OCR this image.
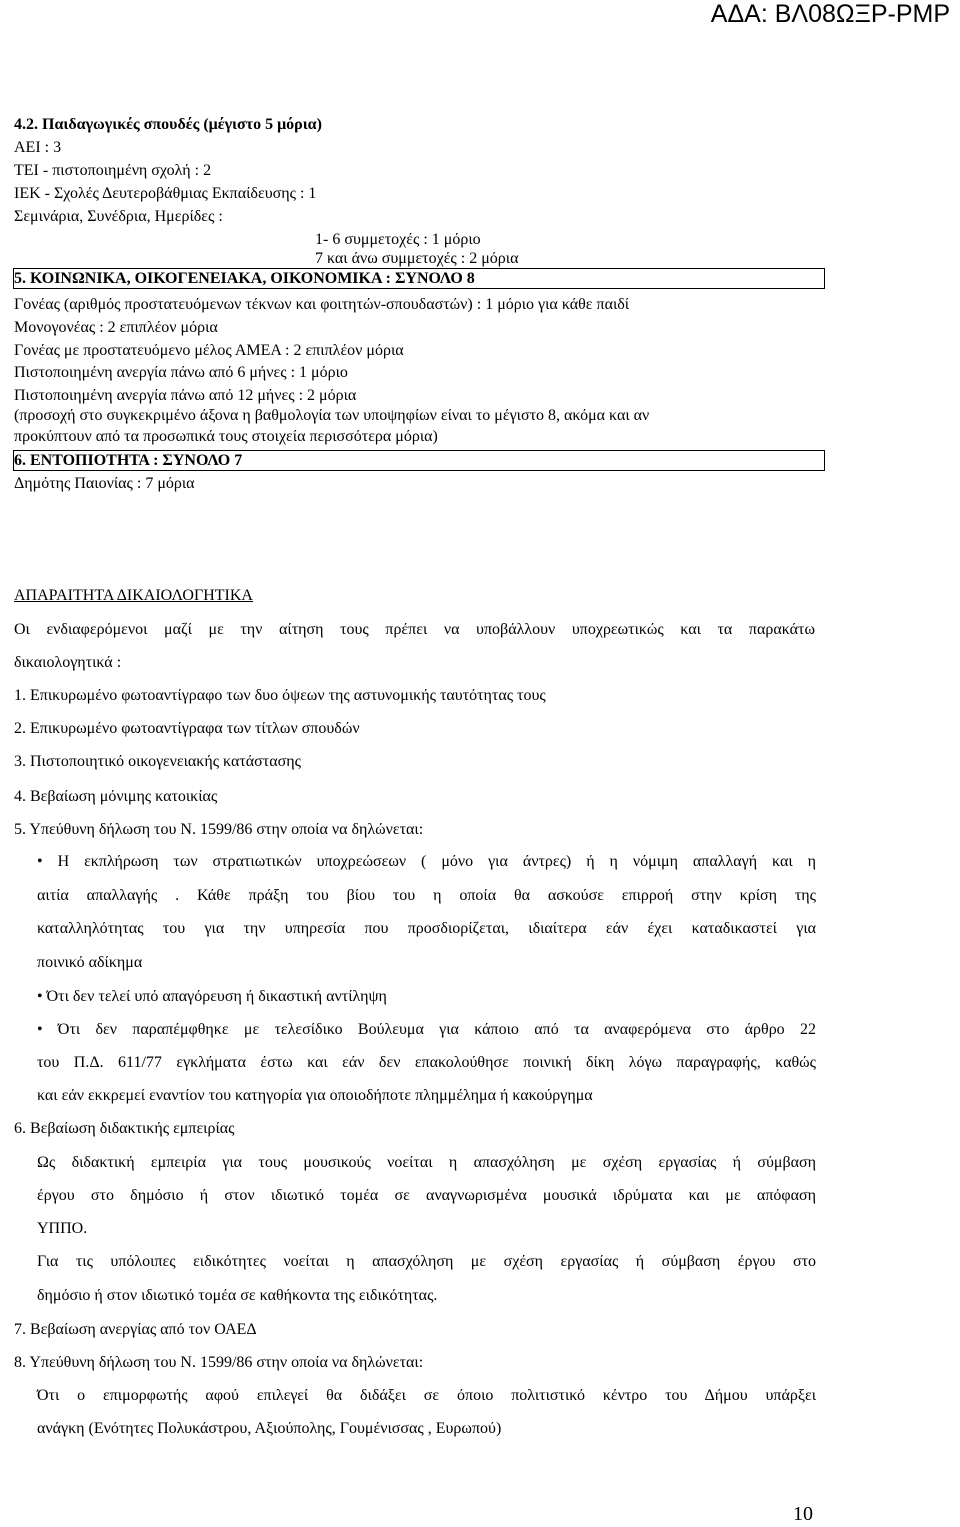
ΑΔΑ: ΒΛ08ΩΞΡ-ΡΜΡ
4.2. Παιδαγωγικές σπουδές (μέγιστο 5 μόρια)
ΑΕΙ : 3
ΤΕΙ - πιστοποιημένη σχολή : 2
ΙΕΚ - Σχολές Δευτεροβάθμιας Εκπαίδευσης : 1
Σεμινάρια, Συνέδρια, Ημερίδες :
1- 6 συμμετοχές : 1 μόριο
7 και άνω συμμετοχές : 2 μόρια
5. ΚΟΙΝΩΝΙΚΑ, ΟΙΚΟΓΕΝΕΙΑΚΑ, ΟΙΚΟΝΟΜΙΚΑ : ΣΥΝΟΛΟ 8
Γονέας (αριθμός προστατευόμενων τέκνων και φοιτητών-σπουδαστών) : 1 μόριο για κάθε παιδί
Μονογονέας : 2 επιπλέον μόρια
Γονέας με προστατευόμενο μέλος ΑΜΕΑ : 2 επιπλέον μόρια
Πιστοποιημένη ανεργία πάνω από 6 μήνες : 1 μόριο
Πιστοποιημένη ανεργία πάνω από 12 μήνες : 2 μόρια
(προσοχή στο συγκεκριμένο άξονα η βαθμολογία των υποψηφίων είναι το μέγιστο 8, ακόμα και αν
προκύπτουν από τα προσωπικά τους στοιχεία περισσότερα μόρια)
6. ΕΝΤΟΠΙΟΤΗΤΑ : ΣΥΝΟΛΟ 7
Δημότης Παιονίας : 7 μόρια
ΑΠΑΡΑΙΤΗΤΑ ΔΙΚΑΙΟΛΟΓΗΤΙΚΑ
Οι ενδιαφερόμενοι μαζί με την αίτηση τους πρέπει να υποβάλλουν υποχρεωτικώς και τα παρακάτω
δικαιολογητικά :
1. Επικυρωμένο φωτοαντίγραφο των δυο όψεων της αστυνομικής ταυτότητας τους
2. Επικυρωμένο φωτοαντίγραφα των τίτλων σπουδών
3. Πιστοποιητικό οικογενειακής κατάστασης
4. Βεβαίωση μόνιμης κατοικίας
5. Υπεύθυνη δήλωση του Ν. 1599/86 στην οποία να δηλώνεται:
• Η εκπλήρωση των στρατιωτικών υποχρεώσεων ( μόνο για άντρες) ή η νόμιμη απαλλαγή και η
αιτία απαλλαγής . Κάθε πράξη του βίου του η οποία θα ασκούσε επιρροή στην κρίση της
καταλληλότητας του για την υπηρεσία που προσδιορίζεται, ιδιαίτερα εάν έχει καταδικαστεί για
ποινικό αδίκημα
• Ότι δεν τελεί υπό απαγόρευση ή δικαστική αντίληψη
• Ότι δεν παραπέμφθηκε με τελεσίδικο Βούλευμα για κάποιο από τα αναφερόμενα στο άρθρο 22
του Π.Δ. 611/77 εγκλήματα έστω και εάν δεν επακολούθησε ποινική δίκη λόγω παραγραφής, καθώς
και εάν εκκρεμεί εναντίον του κατηγορία για οποιοδήποτε πλημμέλημα ή κακούργημα
6. Βεβαίωση διδακτικής εμπειρίας
Ως διδακτική εμπειρία για τους μουσικούς νοείται η απασχόληση με σχέση εργασίας ή σύμβαση
έργου στο δημόσιο ή στον ιδιωτικό τομέα σε αναγνωρισμένα μουσικά ιδρύματα και με απόφαση
ΥΠΠΟ.
Για τις υπόλοιπες ειδικότητες νοείται η απασχόληση με σχέση εργασίας ή σύμβαση έργου στο
δημόσιο ή στον ιδιωτικό τομέα σε καθήκοντα της ειδικότητας.
7. Βεβαίωση ανεργίας από τον ΟΑΕΔ
8. Υπεύθυνη δήλωση του Ν. 1599/86 στην οποία να δηλώνεται:
Ότι ο επιμορφωτής αφού επιλεγεί θα διδάξει σε όποιο πολιτιστικό κέντρο του Δήμου υπάρξει
ανάγκη (Ενότητες Πολυκάστρου, Αξιούπολης, Γουμένισσας , Ευρωπού)
10
